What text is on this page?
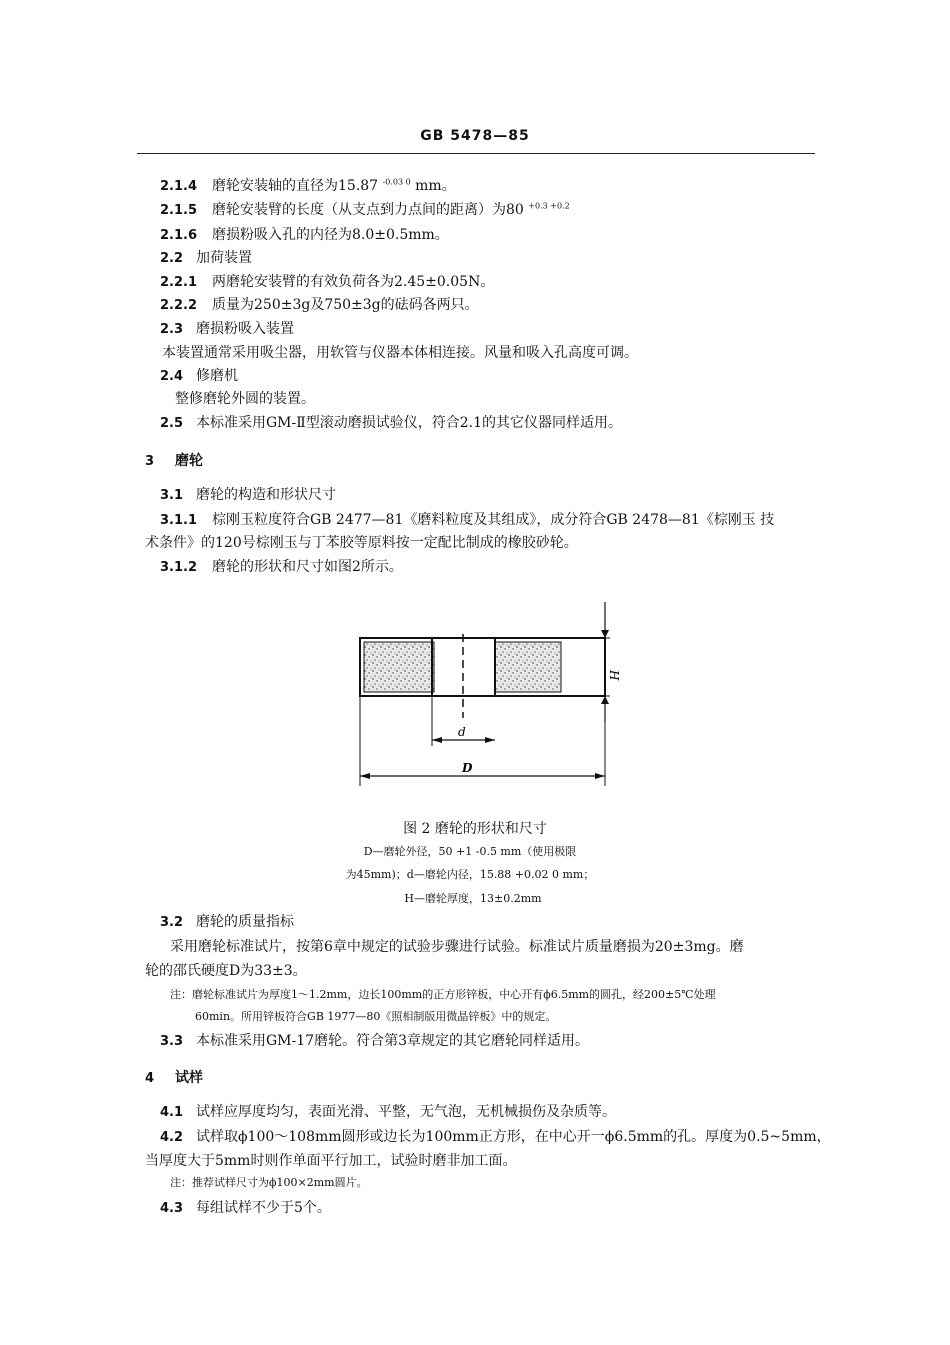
GB 5478—85
2.1.4 磨轮安装轴的直径为15.87 $^{-0.03 0}$ mm。
2.1.5 磨轮安装臂的长度（从支点到力点间的距离）为80 $^{+0.3 +0.2}$
2.1.6 磨损粉吸入孔的内径为8.0±0.5mm。
2.2 加荷装置
2.2.1 两磨轮安装臂的有效负荷各为2.45±0.05N。
2.2.2 质量为250±3g及750±3g的砝码各两只。
2.3 磨损粉吸入装置
本装置通常采用吸尘器，用软管与仪器本体相连接。风量和吸入孔高度可调。
2.4 修磨机
整修磨轮外圆的装置。
2.5 本标准采用GM-Ⅱ型滚动磨损试验仪，符合2.1的其它仪器同样适用。
3 磨轮
3.1 磨轮的构造和形状尺寸
3.1.1 棕刚玉粒度符合GB 2477—81《磨料粒度及其组成》，成分符合GB 2478—81《棕刚玉 技
术条件》的120号棕刚玉与丁苯胶等原料按一定配比制成的橡胶砂轮。
3.1.2 磨轮的形状和尺寸如图2所示。
H
d
D
图 2 磨轮的形状和尺寸
D—磨轮外径，50 +1 -0.5 mm（使用极限
为45mm)；d—磨轮内径，15.88 +0.02 0 mm；
H—磨轮厚度，13±0.2mm
3.2 磨轮的质量指标
采用磨轮标准试片，按第6章中规定的试验步骤进行试验。标准试片质量磨损为20±3mg。磨
轮的邵氏硬度D为33±3。
注：磨轮标准试片为厚度1～1.2mm，边长100mm的正方形锌板，中心开有ϕ6.5mm的圆孔，经200±5℃处理
60min。所用锌板符合GB 1977—80《照相制版用微晶锌板》中的规定。
3.3 本标准采用GM-17磨轮。符合第3章规定的其它磨轮同样适用。
4 试样
4.1 试样应厚度均匀，表面光滑、平整，无气泡，无机械损伤及杂质等。
4.2 试样取ϕ100～108mm圆形或边长为100mm正方形，在中心开一ϕ6.5mm的孔。厚度为0.5~5mm，
当厚度大于5mm时则作单面平行加工，试验时磨非加工面。
注：推荐试样尺寸为ϕ100×2mm圆片。
4.3 每组试样不少于5个。
